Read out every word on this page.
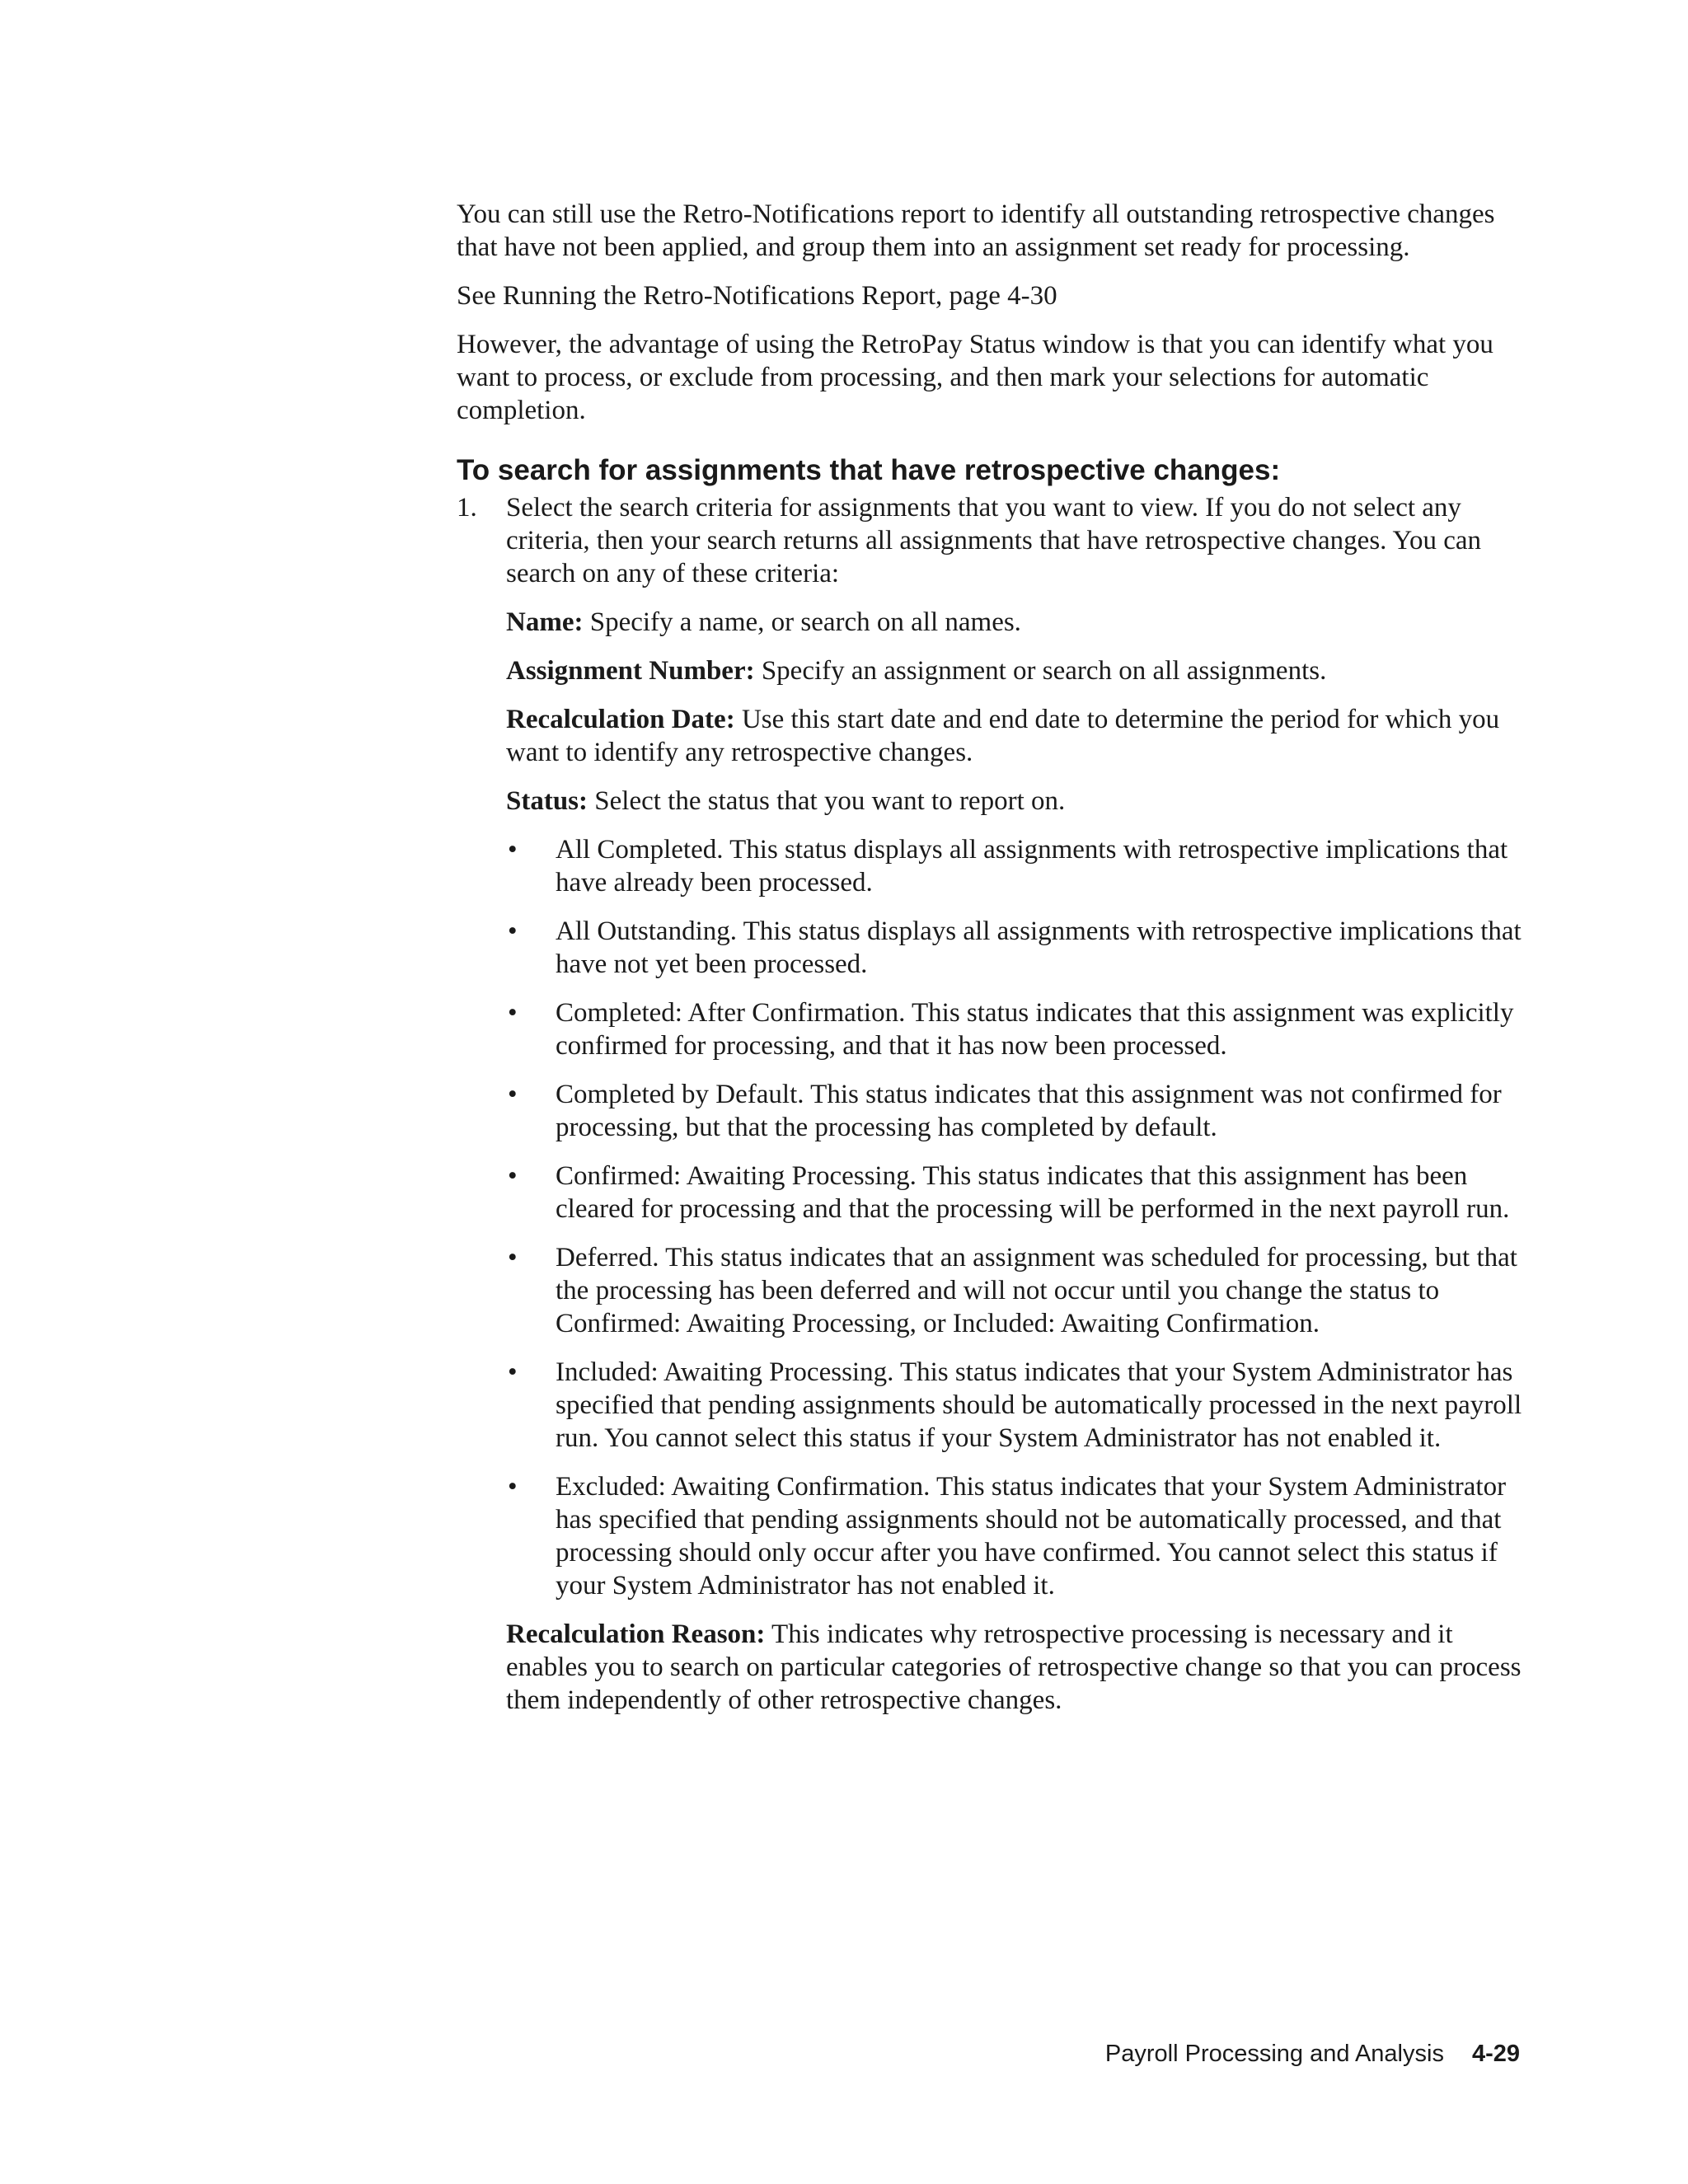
You can still use the Retro-Notifications report to identify all outstanding retrospective changes that have not been applied, and group them into an assignment set ready for processing.

See Running the Retro-Notifications Report, page 4-30

However, the advantage of using the RetroPay Status window is that you can identify what you want to process, or exclude from processing, and then mark your selections for automatic completion.

To search for assignments that have retrospective changes:

1. Select the search criteria for assignments that you want to view. If you do not select any criteria, then your search returns all assignments that have retrospective changes. You can search on any of these criteria:

Name: Specify a name, or search on all names.

Assignment Number: Specify an assignment or search on all assignments.

Recalculation Date: Use this start date and end date to determine the period for which you want to identify any retrospective changes.

Status: Select the status that you want to report on.

• All Completed. This status displays all assignments with retrospective implications that have already been processed.
• All Outstanding. This status displays all assignments with retrospective implications that have not yet been processed.
• Completed: After Confirmation. This status indicates that this assignment was explicitly confirmed for processing, and that it has now been processed.
• Completed by Default. This status indicates that this assignment was not confirmed for processing, but that the processing has completed by default.
• Confirmed: Awaiting Processing. This status indicates that this assignment has been cleared for processing and that the processing will be performed in the next payroll run.
• Deferred. This status indicates that an assignment was scheduled for processing, but that the processing has been deferred and will not occur until you change the status to Confirmed: Awaiting Processing, or Included: Awaiting Confirmation.
• Included: Awaiting Processing. This status indicates that your System Administrator has specified that pending assignments should be automatically processed in the next payroll run. You cannot select this status if your System Administrator has not enabled it.
• Excluded: Awaiting Confirmation. This status indicates that your System Administrator has specified that pending assignments should not be automatically processed, and that processing should only occur after you have confirmed. You cannot select this status if your System Administrator has not enabled it.

Recalculation Reason: This indicates why retrospective processing is necessary and it enables you to search on particular categories of retrospective change so that you can process them independently of other retrospective changes.

Payroll Processing and Analysis 4-29
